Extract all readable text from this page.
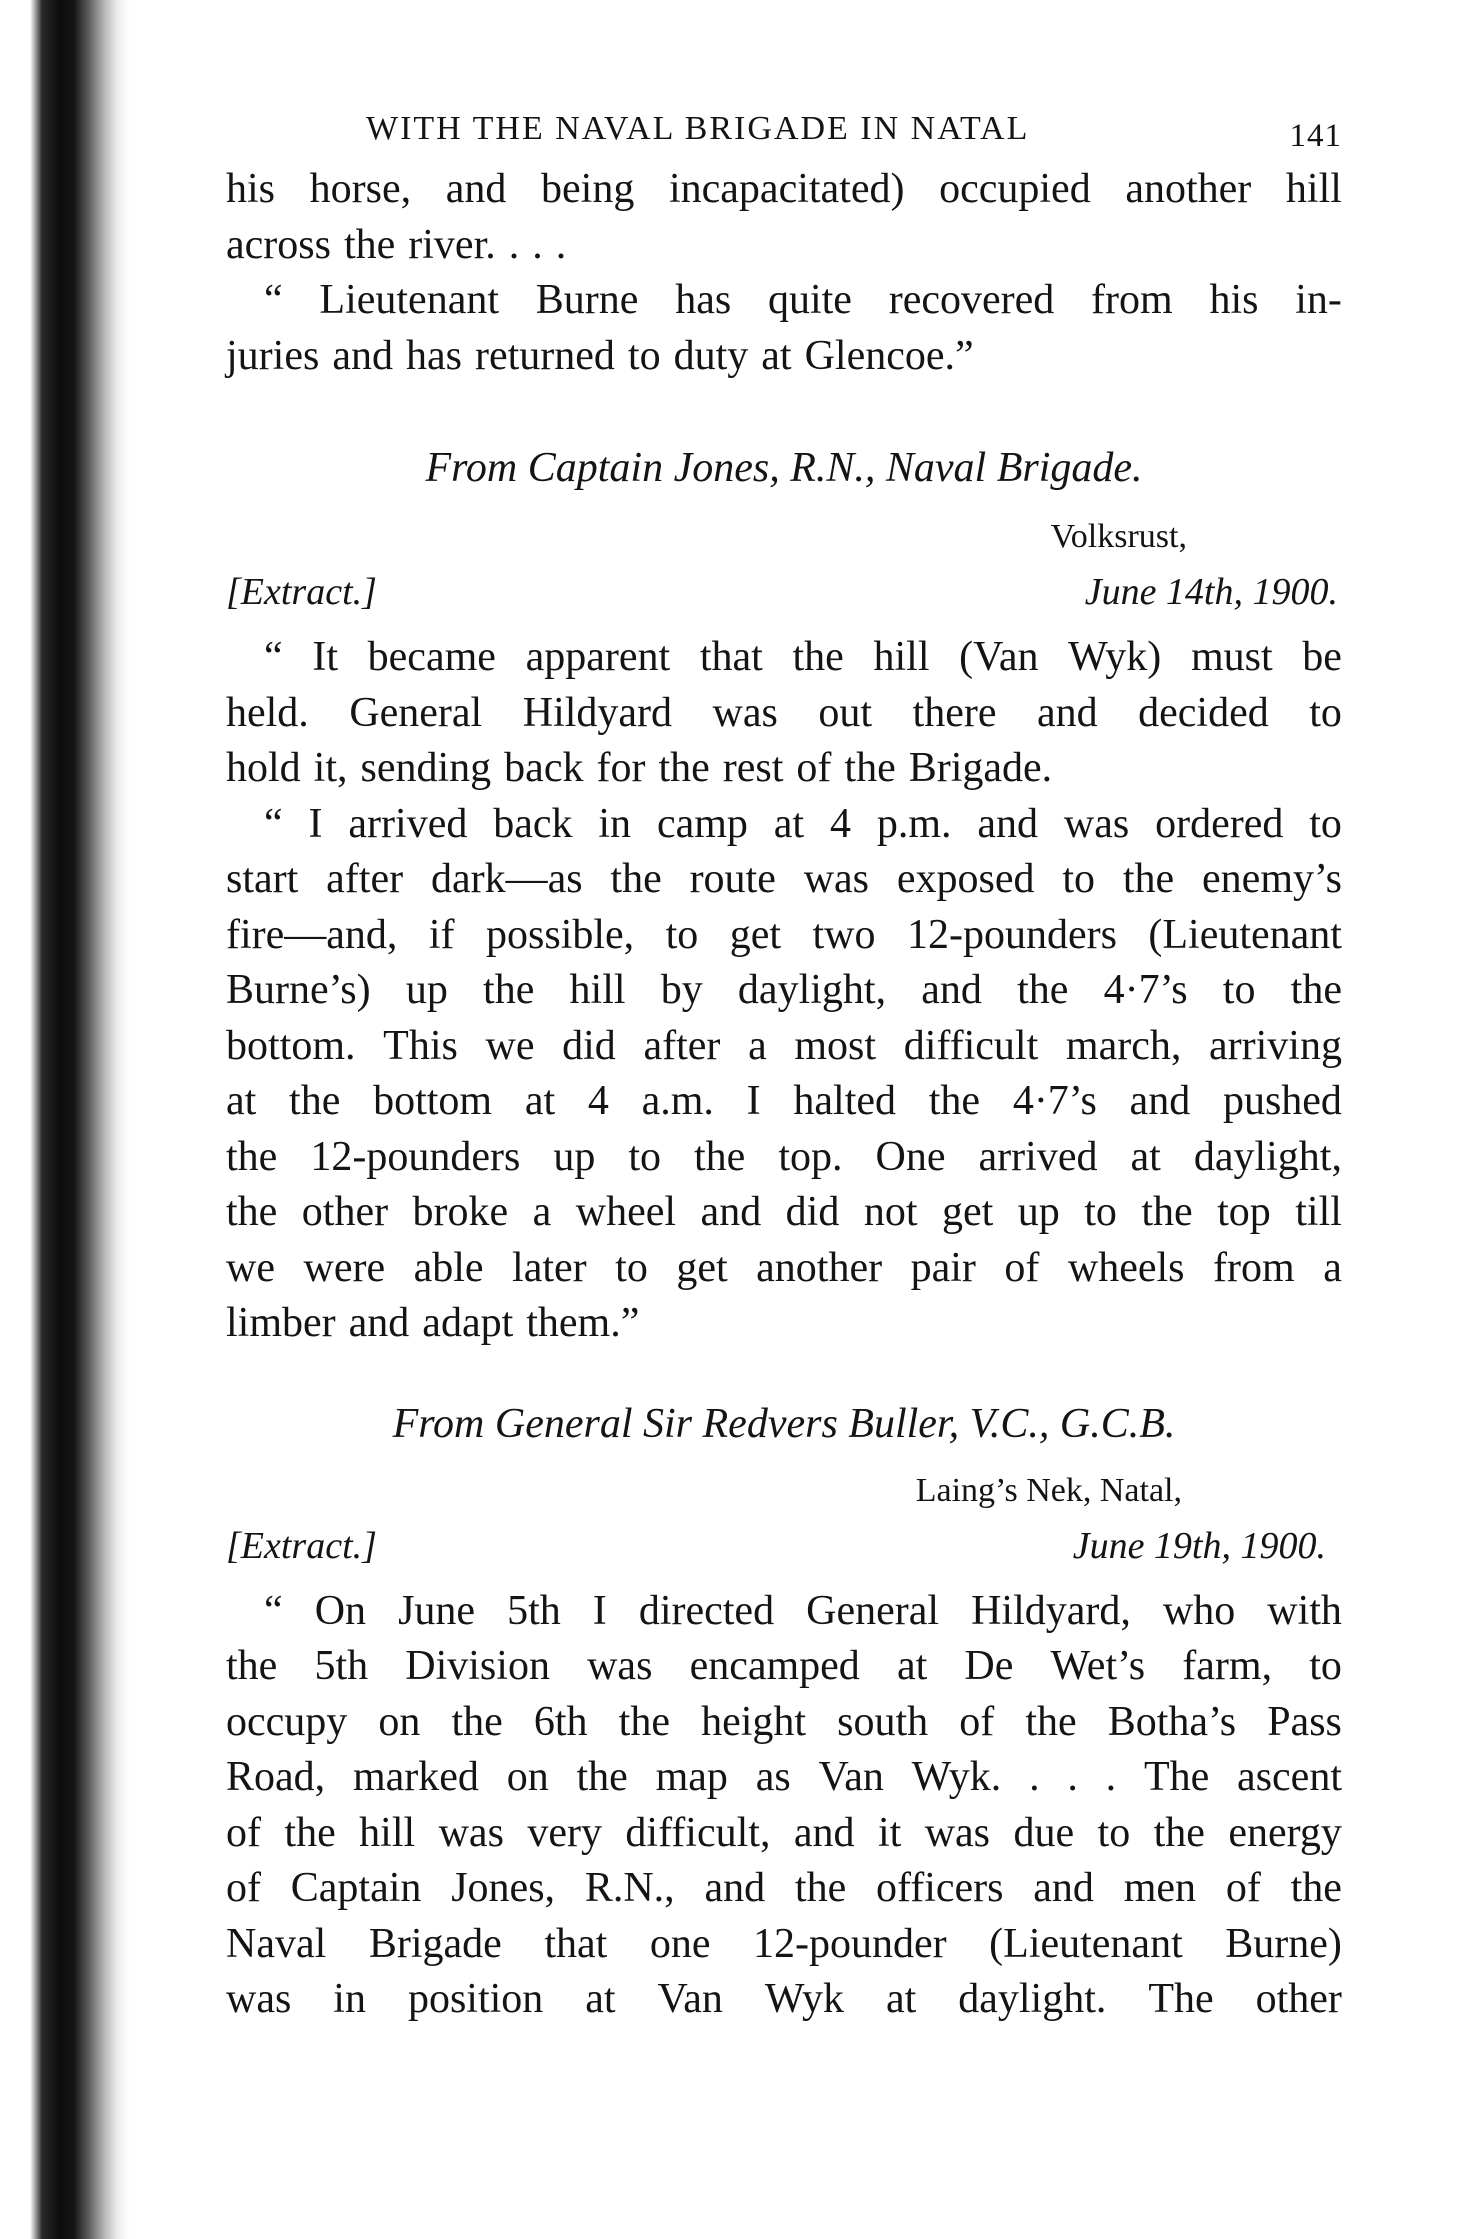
WITH THE NAVAL BRIGADE IN NATAL	141
his horse, and being incapacitated) occupied another hill
across the river. . . .
“ Lieutenant Burne has quite recovered from his in-
juries and has returned to duty at Glencoe.”
From Captain Jones, R.N., Naval Brigade.
Volksrust,
[Extract.]	June 14th, 1900.
“ It became apparent that the hill (Van Wyk) must be
held. General Hildyard was out there and decided to
hold it, sending back for the rest of the Brigade.
“ I arrived back in camp at 4 p.m. and was ordered to
start after dark—as the route was exposed to the enemy’s
fire—and, if possible, to get two 12-pounders (Lieutenant
Burne’s) up the hill by daylight, and the 4·7’s to the
bottom. This we did after a most difficult march, arriving
at the bottom at 4 a.m. I halted the 4·7’s and pushed
the 12-pounders up to the top. One arrived at daylight,
the other broke a wheel and did not get up to the top till
we were able later to get another pair of wheels from a
limber and adapt them.”
From General Sir Redvers Buller, V.C., G.C.B.
Laing’s Nek, Natal,
[Extract.]	June 19th, 1900.
“ On June 5th I directed General Hildyard, who with
the 5th Division was encamped at De Wet’s farm, to
occupy on the 6th the height south of the Botha’s Pass
Road, marked on the map as Van Wyk. . . . The ascent
of the hill was very difficult, and it was due to the energy
of Captain Jones, R.N., and the officers and men of the
Naval Brigade that one 12-pounder (Lieutenant Burne)
was in position at Van Wyk at daylight. The other
